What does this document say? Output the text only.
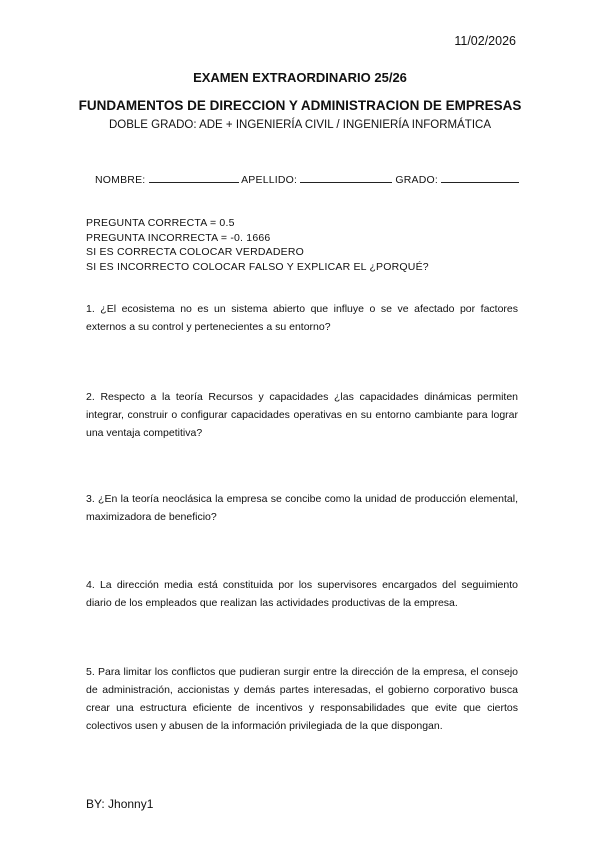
11/02/2026
EXAMEN EXTRAORDINARIO 25/26
FUNDAMENTOS DE DIRECCION Y ADMINISTRACION DE EMPRESAS
DOBLE GRADO: ADE + INGENIERÍA CIVIL / INGENIERÍA INFORMÁTICA
NOMBRE:	APELLIDO:	GRADO:
PREGUNTA CORRECTA = 0.5
PREGUNTA INCORRECTA = -0. 1666
SI ES CORRECTA COLOCAR VERDADERO
SI ES INCORRECTO COLOCAR FALSO Y EXPLICAR EL ¿PORQUÉ?
1. ¿El ecosistema no es un sistema abierto que influye o se ve afectado por factores externos a su control y pertenecientes a su entorno?
2. Respecto a la teoría Recursos y capacidades ¿las capacidades dinámicas permiten integrar, construir o configurar capacidades operativas en su entorno cambiante para lograr una ventaja competitiva?
3. ¿En la teoría neoclásica la empresa se concibe como la unidad de producción elemental, maximizadora de beneficio?
4. La dirección media está constituida por los supervisores encargados del seguimiento diario de los empleados que realizan las actividades productivas de la empresa.
5. Para limitar los conflictos que pudieran surgir entre la dirección de la empresa, el consejo de administración, accionistas y demás partes interesadas, el gobierno corporativo busca crear una estructura eficiente de incentivos y responsabilidades que evite que ciertos colectivos usen y abusen de la información privilegiada de la que dispongan.
BY: Jhonny1
